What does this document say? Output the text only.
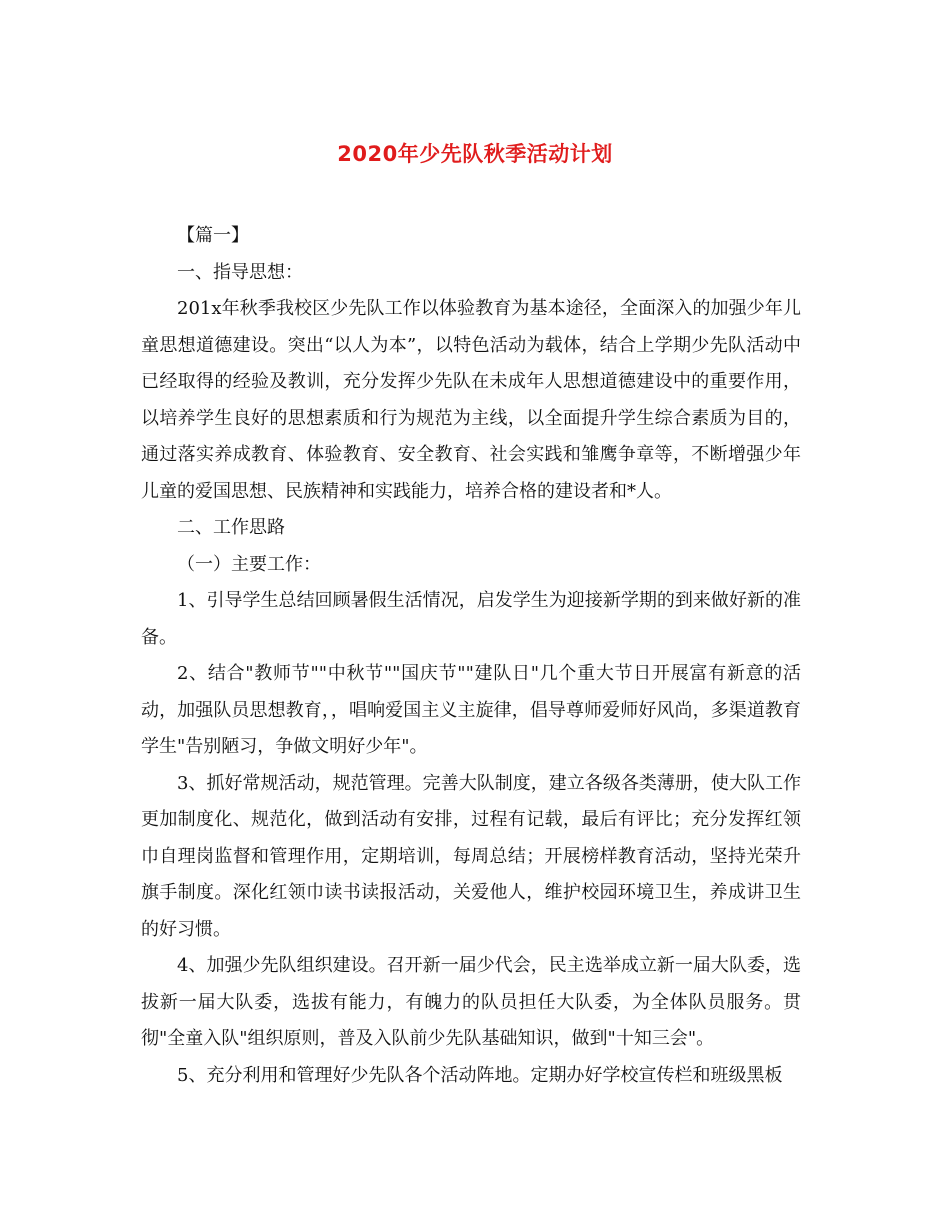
2020年少先队秋季活动计划

【篇一】

一、指导思想：

201x年秋季我校区少先队工作以体验教育为基本途径，全面深入的加强少年儿童思想道德建设。突出“以人为本”，以特色活动为载体，结合上学期少先队活动中已经取得的经验及教训，充分发挥少先队在未成年人思想道德建设中的重要作用，以培养学生良好的思想素质和行为规范为主线，以全面提升学生综合素质为目的，通过落实养成教育、体验教育、安全教育、社会实践和雏鹰争章等，不断增强少年儿童的爱国思想、民族精神和实践能力，培养合格的建设者和*人。

二、工作思路

（一）主要工作：

1、引导学生总结回顾暑假生活情况，启发学生为迎接新学期的到来做好新的准备。

2、结合"教师节""中秋节""国庆节""建队日"几个重大节日开展富有新意的活动，加强队员思想教育，，唱响爱国主义主旋律，倡导尊师爱师好风尚，多渠道教育学生"告别陋习，争做文明好少年"。

3、抓好常规活动，规范管理。完善大队制度，建立各级各类薄册，使大队工作更加制度化、规范化，做到活动有安排，过程有记载，最后有评比；充分发挥红领巾自理岗监督和管理作用，定期培训，每周总结；开展榜样教育活动，坚持光荣升旗手制度。深化红领巾读书读报活动，关爱他人，维护校园环境卫生，养成讲卫生的好习惯。

4、加强少先队组织建设。召开新一届少代会，民主选举成立新一届大队委，选拔新一届大队委，选拔有能力，有魄力的队员担任大队委，为全体队员服务。贯彻"全童入队"组织原则，普及入队前少先队基础知识，做到"十知三会"。

5、充分利用和管理好少先队各个活动阵地。定期办好学校宣传栏和班级黑板
